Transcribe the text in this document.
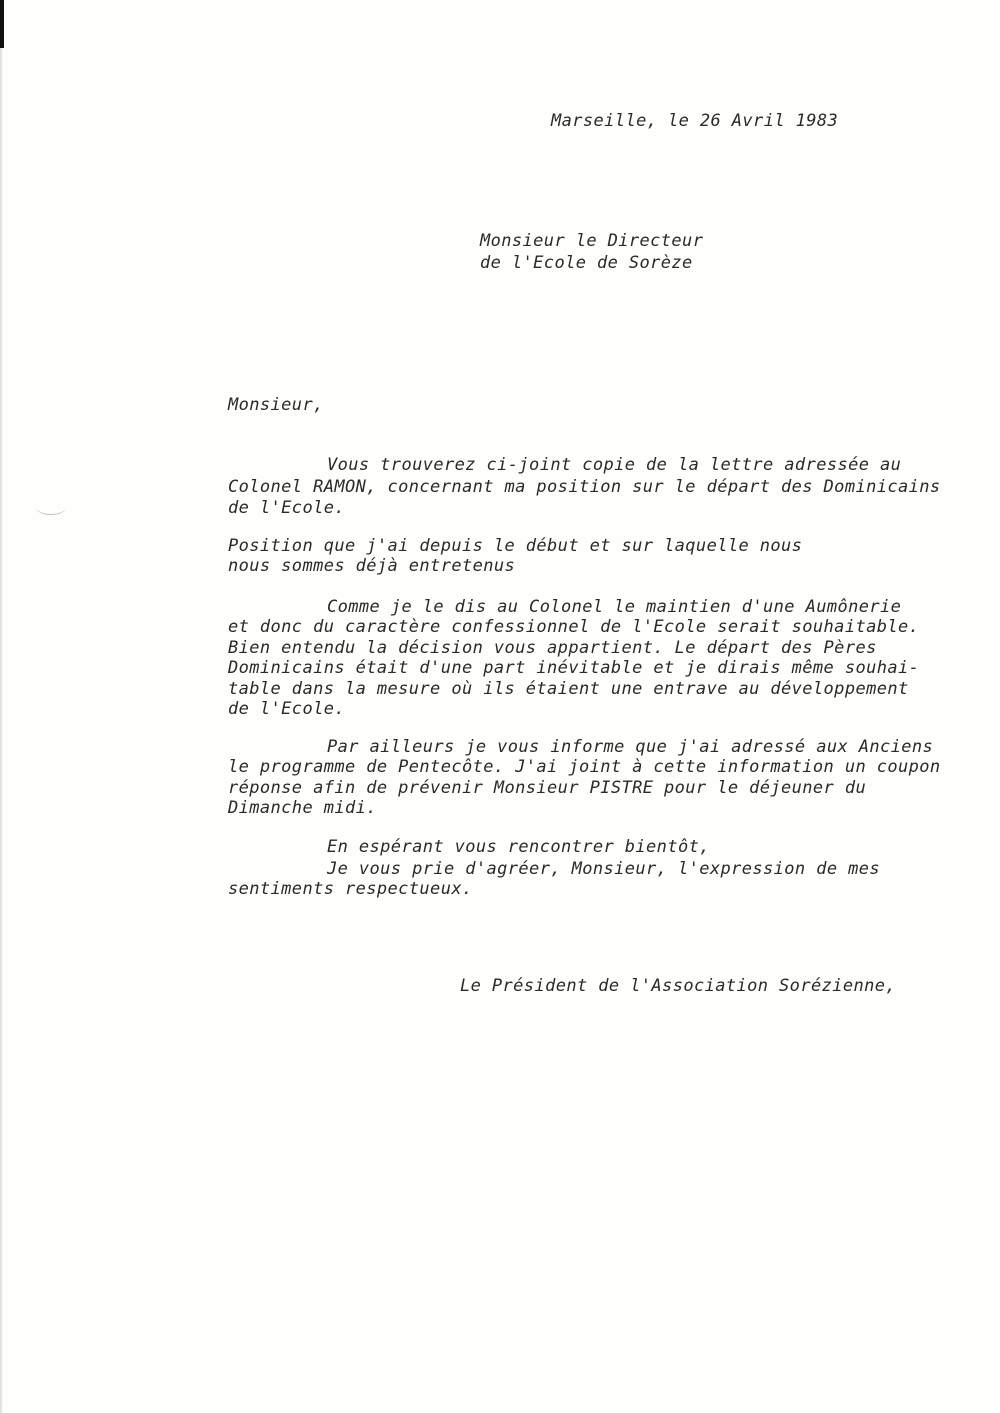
Marseille, le 26 Avril 1983
Monsieur le Directeur
de l'Ecole de Sorèze
Monsieur,
Vous trouverez ci-joint copie de la lettre adressée au
Colonel RAMON, concernant ma position sur le départ des Dominicains
de l'Ecole.
Position que j'ai depuis le début et sur laquelle nous
nous sommes déjà entretenus
Comme je le dis au Colonel le maintien d'une Aumônerie
et donc du caractère confessionnel de l'Ecole serait souhaitable.
Bien entendu la décision vous appartient. Le départ des Pères
Dominicains était d'une part inévitable et je dirais même souhai-
table dans la mesure où ils étaient une entrave au développement
de l'Ecole.
Par ailleurs je vous informe que j'ai adressé aux Anciens
le programme de Pentecôte. J'ai joint à cette information un coupon
réponse afin de prévenir Monsieur PISTRE pour le déjeuner du
Dimanche midi.
En espérant vous rencontrer bientôt,
Je vous prie d'agréer, Monsieur, l'expression de mes
sentiments respectueux.
Le Président de l'Association Sorézienne,
